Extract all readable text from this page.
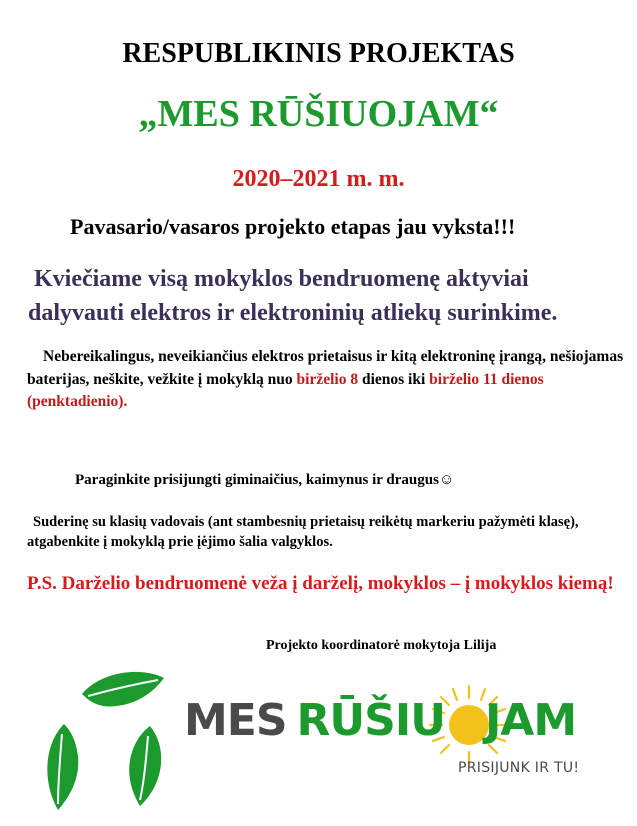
RESPUBLIKINIS PROJEKTAS
„MES RŪŠIUOJAM“
2020–2021 m. m.
Pavasario/vasaros projekto etapas jau vyksta!!!
Kviečiame visą mokyklos bendruomenę aktyviai
dalyvauti elektros ir elektroninių atliekų surinkime.
Nebereikalingus, neveikiančius elektros prietaisus ir kitą elektroninę įrangą, nešiojamas baterijas, neškite, vežkite į mokyklą nuo birželio 8 dienos iki birželio 11 dienos (penktadienio).
Paraginkite prisijungti giminaičius, kaimynus ir draugus☺
Suderinę su klasių vadovais (ant stambesnių prietaisų reikėtų markeriu pažymėti klasę), atgabenkite į mokyklą prie įėjimo šalia valgyklos.
P.S. Darželio bendruomenė veža į darželį, mokyklos – į mokyklos kiemą!
Projekto koordinatorė mokytoja Lilija
MES RŪŠIU JAM
PRISIJUNK IR TU!
